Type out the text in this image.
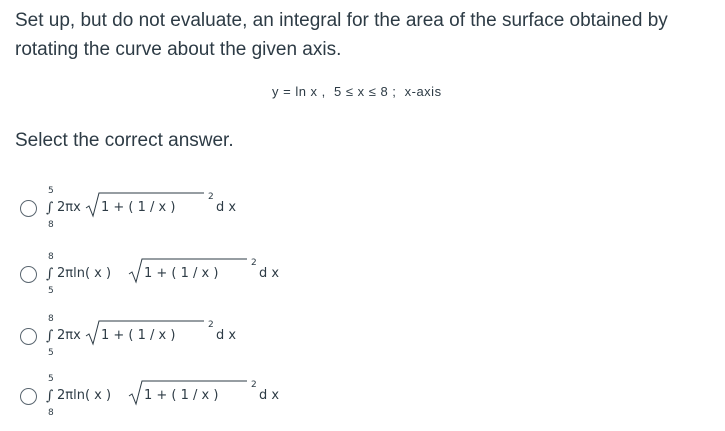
Set up, but do not evaluate, an integral for the area of the surface obtained by rotating the curve about the given axis.

y = ln x ,  5 ≤ x ≤ 8 ;  x-axis
Select the correct answer.
5
∫
8
2πx 1 + ( 1 / x )
2
d x
8
∫
5
2πln( x )	1 + ( 1 / x )
2
d x
8
∫
5
2πx 1 + ( 1 / x )
2
d x
5
∫
8
2πln( x )	1 + ( 1 / x )
2
d x
